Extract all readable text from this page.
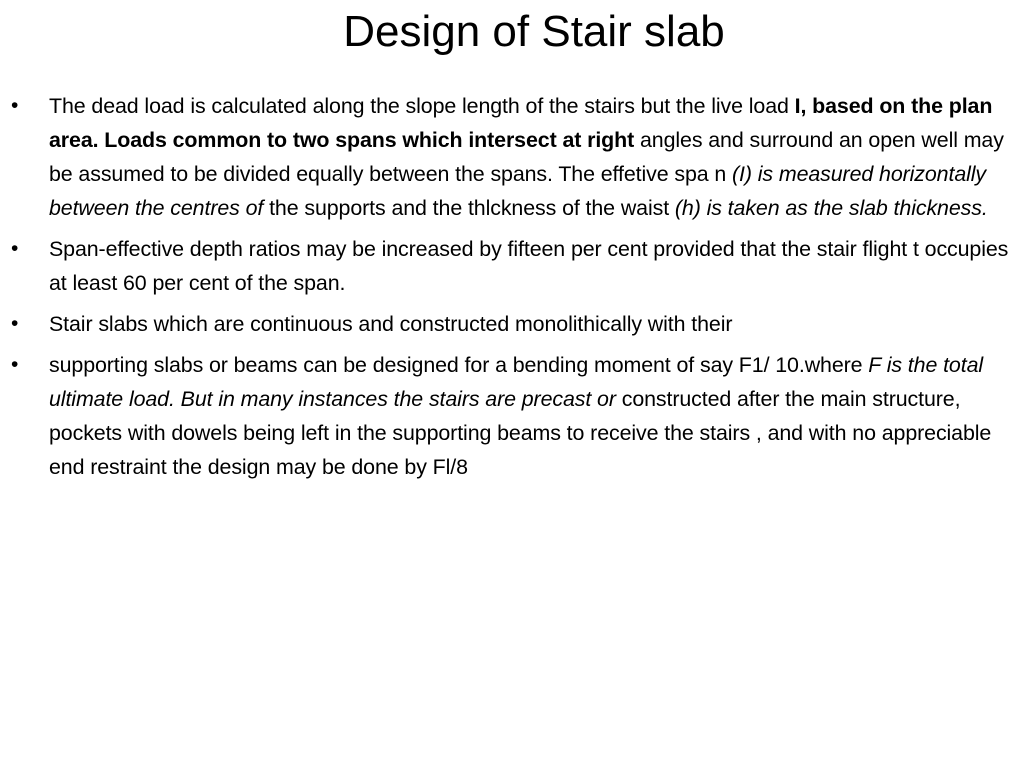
Design of Stair slab
•	The dead load is calculated along the slope length of the stairs but the live load I, based on the plan area. Loads common to two spans which intersect at right angles and surround an open well may be assumed to be divided equally between the spans. The effetive spa n (I) is measured horizontally between the centres of the supports and the thlckness of the waist (h) is taken as the slab thickness.
•	Span-effective depth ratios may be increased by fifteen per cent provided that the stair flight t occupies at least 60 per cent of the span.
•	Stair slabs which are continuous and constructed monolithically with their
•	supporting slabs or beams can be designed for a bending moment of say F1/ 10.where F is the total ultimate load. But in many instances the stairs are precast or constructed after the main structure, pockets with dowels being left in the supporting beams to receive the stairs , and with no appreciable end restraint the design may be done by Fl/8
